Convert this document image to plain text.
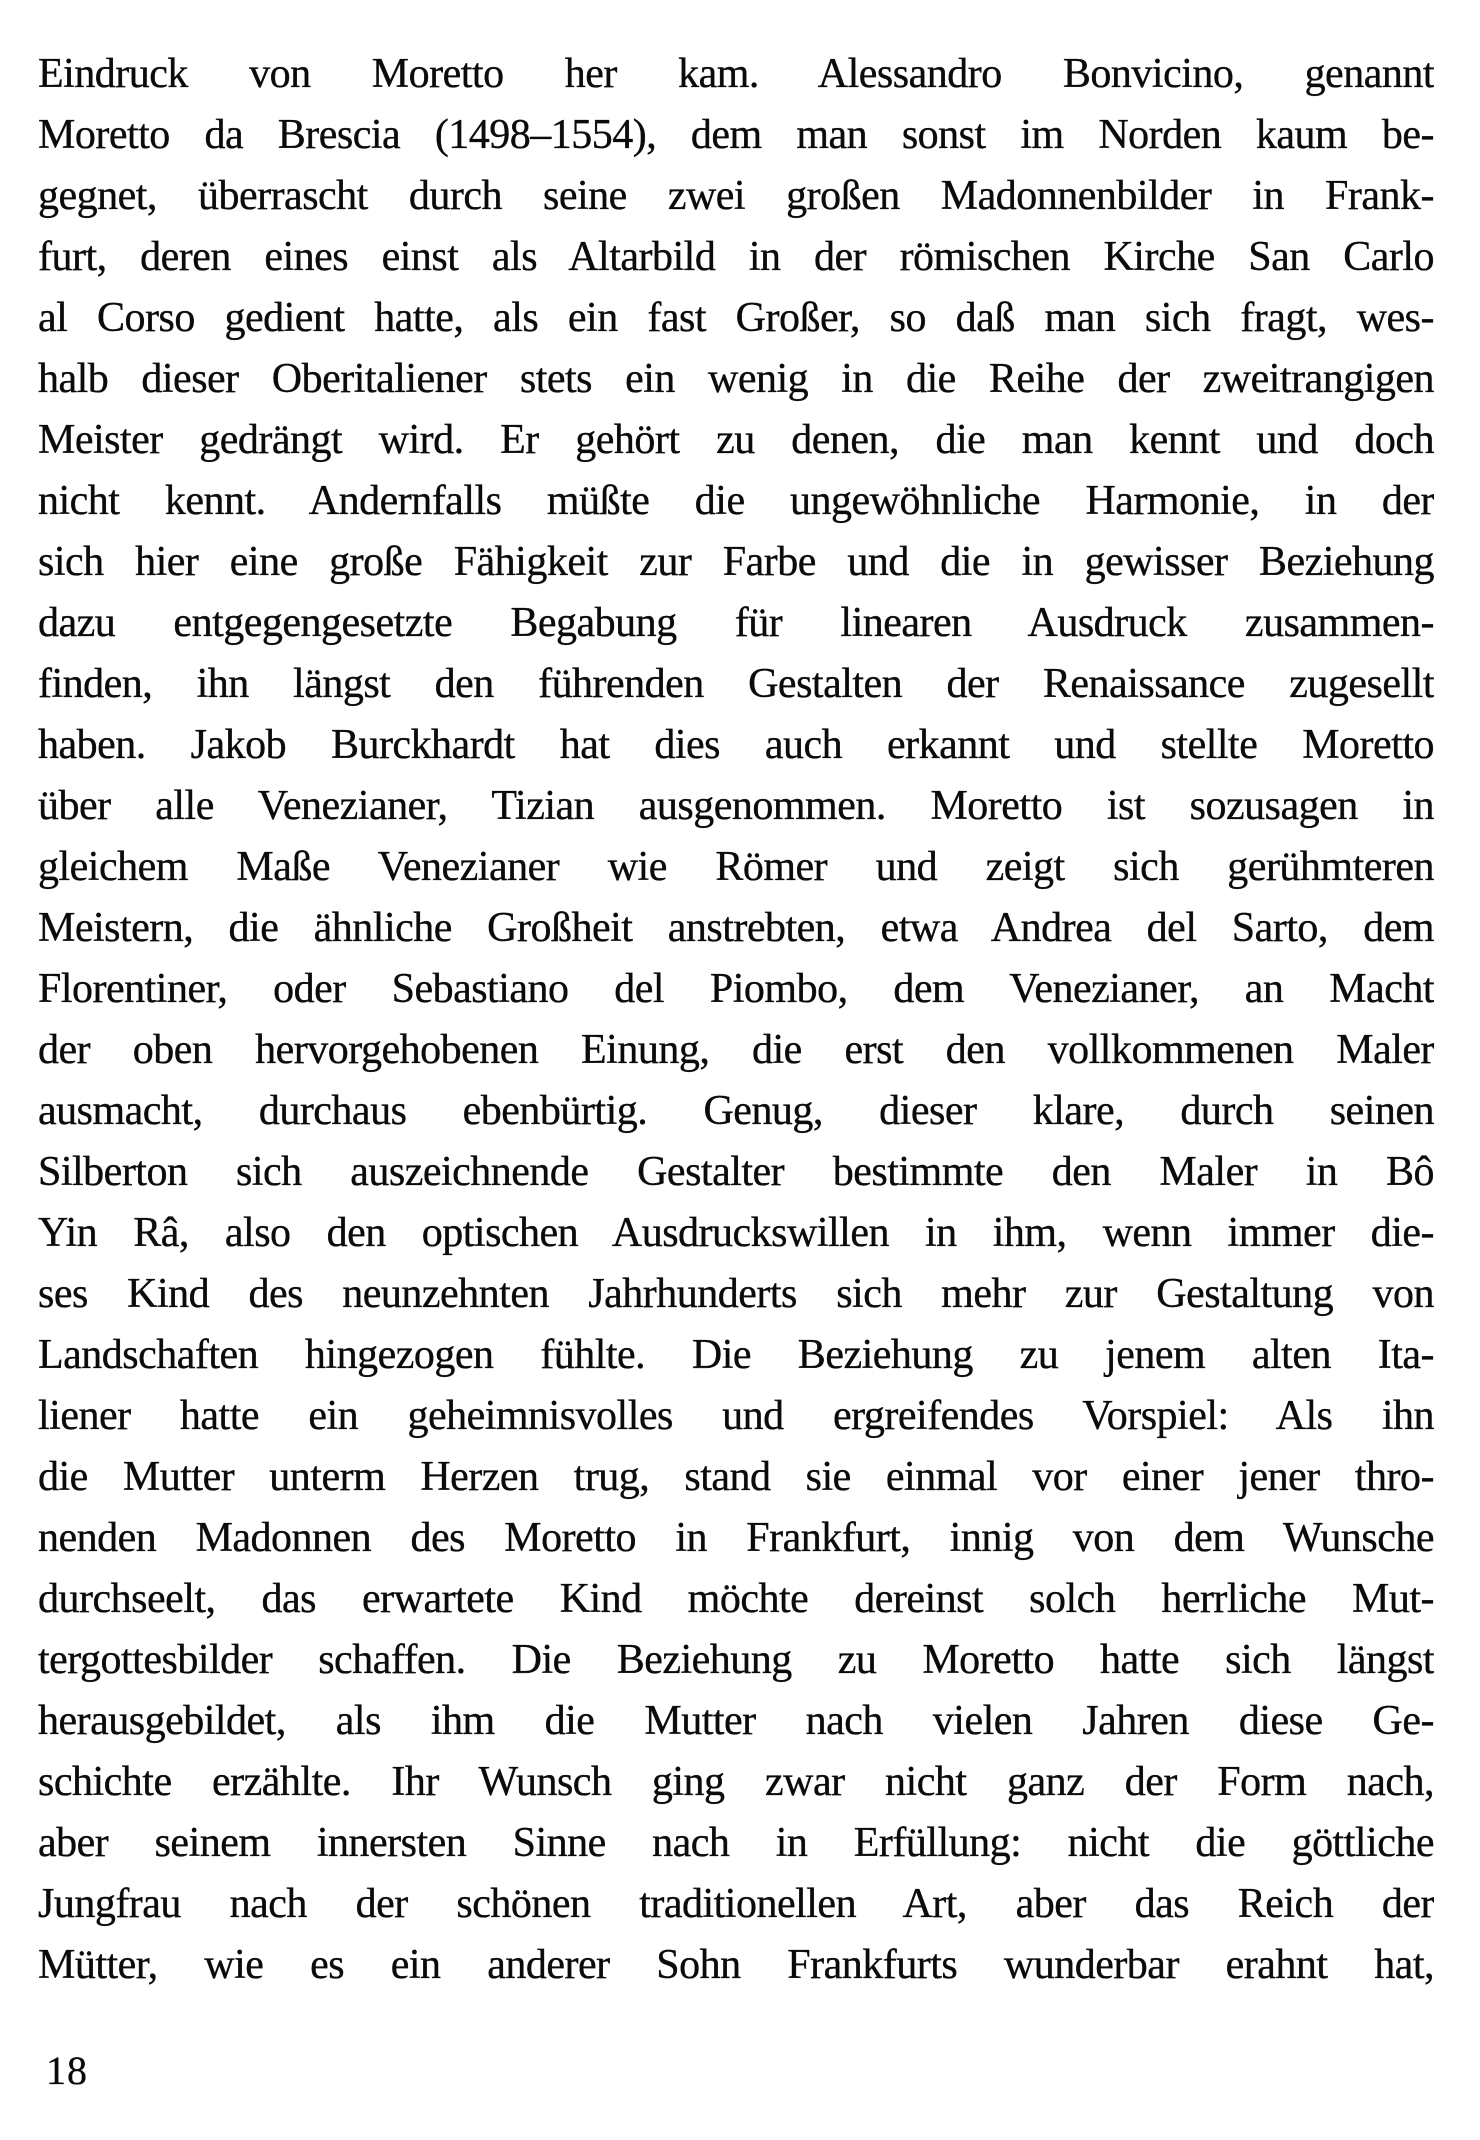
Eindruck von Moretto her kam. Alessandro Bonvicino, genannt
Moretto da Brescia (1498–1554), dem man sonst im Norden kaum be-
gegnet, überrascht durch seine zwei großen Madonnenbilder in Frank-
furt, deren eines einst als Altarbild in der römischen Kirche San Carlo
al Corso gedient hatte, als ein fast Großer, so daß man sich fragt, wes-
halb dieser Oberitaliener stets ein wenig in die Reihe der zweitrangigen
Meister gedrängt wird. Er gehört zu denen, die man kennt und doch
nicht kennt. Andernfalls müßte die ungewöhnliche Harmonie, in der
sich hier eine große Fähigkeit zur Farbe und die in gewisser Beziehung
dazu entgegengesetzte Begabung für linearen Ausdruck zusammen-
finden, ihn längst den führenden Gestalten der Renaissance zugesellt
haben. Jakob Burckhardt hat dies auch erkannt und stellte Moretto
über alle Venezianer, Tizian ausgenommen. Moretto ist sozusagen in
gleichem Maße Venezianer wie Römer und zeigt sich gerühmteren
Meistern, die ähnliche Großheit anstrebten, etwa Andrea del Sarto, dem
Florentiner, oder Sebastiano del Piombo, dem Venezianer, an Macht
der oben hervorgehobenen Einung, die erst den vollkommenen Maler
ausmacht, durchaus ebenbürtig. Genug, dieser klare, durch seinen
Silberton sich auszeichnende Gestalter bestimmte den Maler in Bô
Yin Râ, also den optischen Ausdruckswillen in ihm, wenn immer die-
ses Kind des neunzehnten Jahrhunderts sich mehr zur Gestaltung von
Landschaften hingezogen fühlte. Die Beziehung zu jenem alten Ita-
liener hatte ein geheimnisvolles und ergreifendes Vorspiel: Als ihn
die Mutter unterm Herzen trug, stand sie einmal vor einer jener thro-
nenden Madonnen des Moretto in Frankfurt, innig von dem Wunsche
durchseelt, das erwartete Kind möchte dereinst solch herrliche Mut-
tergottesbilder schaffen. Die Beziehung zu Moretto hatte sich längst
herausgebildet, als ihm die Mutter nach vielen Jahren diese Ge-
schichte erzählte. Ihr Wunsch ging zwar nicht ganz der Form nach,
aber seinem innersten Sinne nach in Erfüllung: nicht die göttliche
Jungfrau nach der schönen traditionellen Art, aber das Reich der
Mütter, wie es ein anderer Sohn Frankfurts wunderbar erahnt hat,
18
